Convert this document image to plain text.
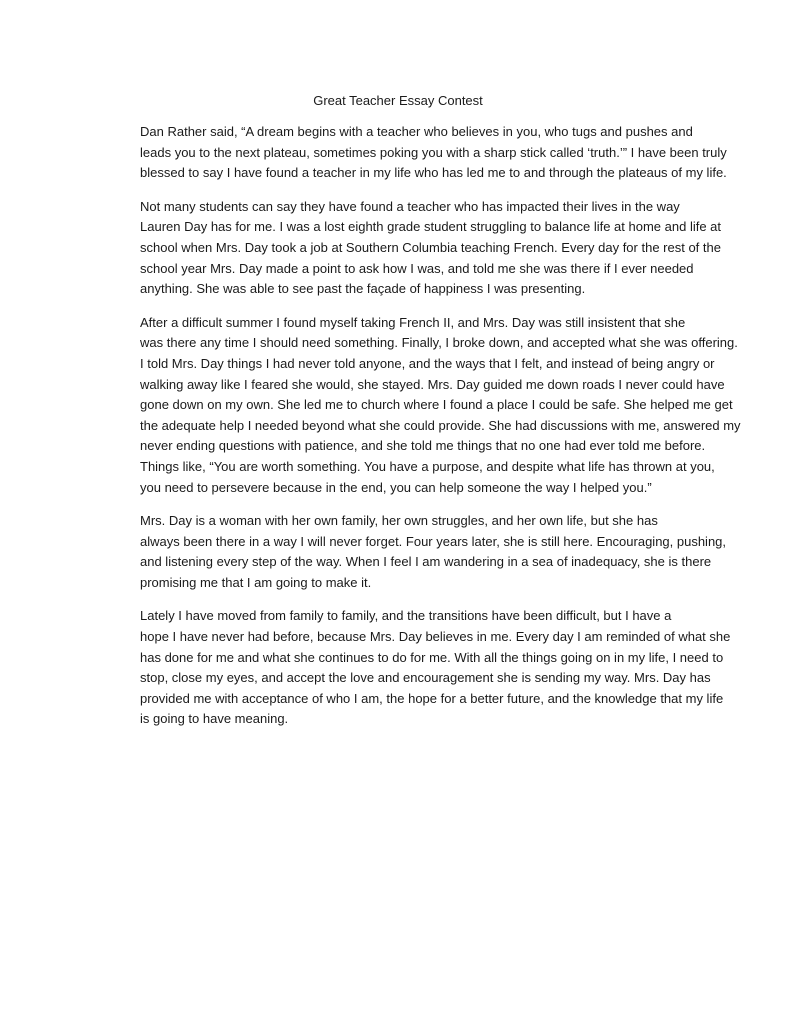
Great Teacher Essay Contest

Dan Rather said, “A dream begins with a teacher who believes in you, who tugs and pushes and
leads you to the next plateau, sometimes poking you with a sharp stick called ‘truth.’” I have been truly
blessed to say I have found a teacher in my life who has led me to and through the plateaus of my life.

Not many students can say they have found a teacher who has impacted their lives in the way
Lauren Day has for me. I was a lost eighth grade student struggling to balance life at home and life at
school when Mrs. Day took a job at Southern Columbia teaching French. Every day for the rest of the
school year Mrs. Day made a point to ask how I was, and told me she was there if I ever needed
anything. She was able to see past the façade of happiness I was presenting.

After a difficult summer I found myself taking French II, and Mrs. Day was still insistent that she
was there any time I should need something. Finally, I broke down, and accepted what she was offering.
I told Mrs. Day things I had never told anyone, and the ways that I felt, and instead of being angry or
walking away like I feared she would, she stayed. Mrs. Day guided me down roads I never could have
gone down on my own. She led me to church where I found a place I could be safe. She helped me get
the adequate help I needed beyond what she could provide. She had discussions with me, answered my
never ending questions with patience, and she told me things that no one had ever told me before.
Things like, “You are worth something. You have a purpose, and despite what life has thrown at you,
you need to persevere because in the end, you can help someone the way I helped you.”

Mrs. Day is a woman with her own family, her own struggles, and her own life, but she has
always been there in a way I will never forget. Four years later, she is still here. Encouraging, pushing,
and listening every step of the way. When I feel I am wandering in a sea of inadequacy, she is there
promising me that I am going to make it.

Lately I have moved from family to family, and the transitions have been difficult, but I have a
hope I have never had before, because Mrs. Day believes in me. Every day I am reminded of what she
has done for me and what she continues to do for me. With all the things going on in my life, I need to
stop, close my eyes, and accept the love and encouragement she is sending my way. Mrs. Day has
provided me with acceptance of who I am, the hope for a better future, and the knowledge that my life
is going to have meaning.
